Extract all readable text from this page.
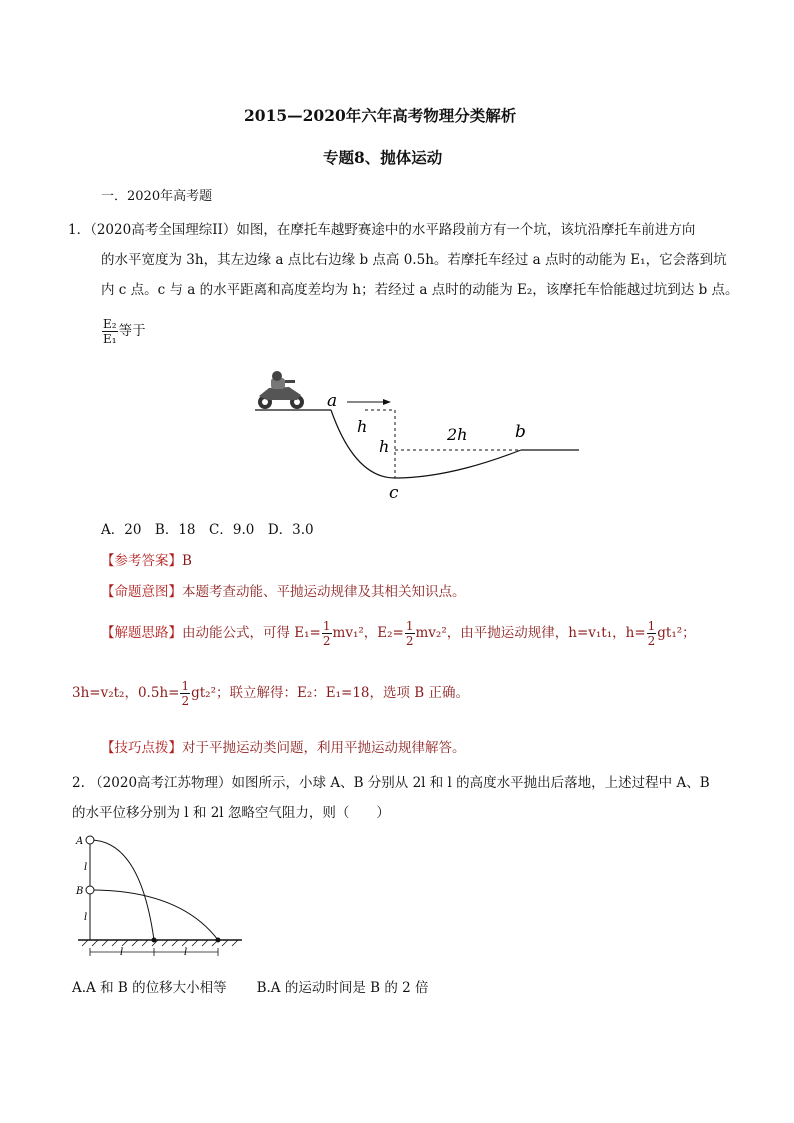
2015—2020年六年高考物理分类解析
专题8、抛体运动
一．2020年高考题
1．（2020高考全国理综II）如图，在摩托车越野赛途中的水平路段前方有一个坑，该坑沿摩托车前进方向
的水平宽度为 3h，其左边缘 a 点比右边缘 b 点高 0.5h。若摩托车经过 a 点时的动能为 E₁，它会落到坑
内 c 点。c 与 a 的水平距离和高度差均为 h；若经过 a 点时的动能为 E₂，该摩托车恰能越过坑到达 b 点。
$\frac{\text{E₂}}{\text{E₁}}$ 等于
a
h
h
2h	b
c
A．20　B．18　C．9.0　D．3.0
【参考答案】B
【命题意图】本题考查动能、平抛运动规律及其相关知识点。
【解题思路】由动能公式，可得 $E_1= \frac{1}{2} mv_1^2$，$E_2= \frac{1}{2} mv_2^2$，由平抛运动规律，h=v₁t₁，$h= \frac{1}{2} gt_1^2$；
3h=v₂t₂，$0.5h= \frac{1}{2} gt_2^2$；联立解得：E₂：E₁=18，选项 B 正确。
【技巧点拨】对于平抛运动类问题，利用平抛运动规律解答。
2. （2020高考江苏物理）如图所示，小球 A、B 分别从 2l 和 l 的高度水平抛出后落地，上述过程中 A、B
的水平位移分别为 l 和 2l 忽略空气阻力，则（　　）
A
B
l
l
l	l
A.A 和 B 的位移大小相等 B.A 的运动时间是 B 的 2 倍
